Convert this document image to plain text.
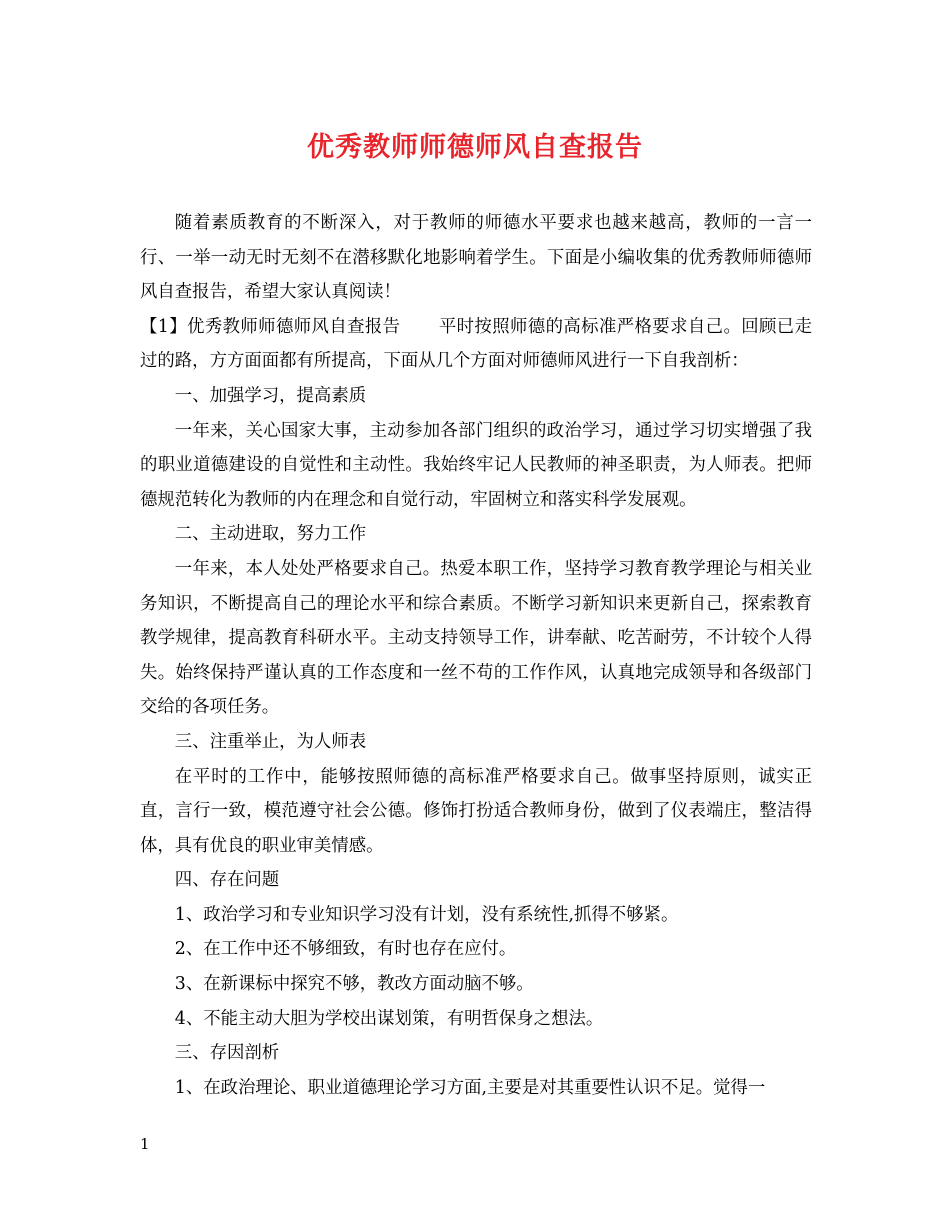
优秀教师师德师风自查报告

随着素质教育的不断深入，对于教师的师德水平要求也越来越高，教师的一言一行、一举一动无时无刻不在潜移默化地影响着学生。下面是小编收集的优秀教师师德师风自查报告，希望大家认真阅读！

【1】优秀教师师德师风自查报告 平时按照师德的高标准严格要求自己。回顾已走过的路，方方面面都有所提高，下面从几个方面对师德师风进行一下自我剖析：

一、加强学习，提高素质

一年来，关心国家大事，主动参加各部门组织的政治学习，通过学习切实增强了我的职业道德建设的自觉性和主动性。我始终牢记人民教师的神圣职责，为人师表。把师德规范转化为教师的内在理念和自觉行动，牢固树立和落实科学发展观。

二、主动进取，努力工作

一年来，本人处处严格要求自己。热爱本职工作，坚持学习教育教学理论与相关业务知识，不断提高自己的理论水平和综合素质。不断学习新知识来更新自己，探索教育教学规律，提高教育科研水平。主动支持领导工作，讲奉献、吃苦耐劳，不计较个人得失。始终保持严谨认真的工作态度和一丝不苟的工作作风，认真地完成领导和各级部门交给的各项任务。

三、注重举止，为人师表

在平时的工作中，能够按照师德的高标准严格要求自己。做事坚持原则，诚实正直，言行一致，模范遵守社会公德。修饰打扮适合教师身份，做到了仪表端庄，整洁得体，具有优良的职业审美情感。

四、存在问题

1、政治学习和专业知识学习没有计划，没有系统性,抓得不够紧。

2、在工作中还不够细致，有时也存在应付。

3、在新课标中探究不够，教改方面动脑不够。

4、不能主动大胆为学校出谋划策，有明哲保身之想法。

三、存因剖析

1、在政治理论、职业道德理论学习方面,主要是对其重要性认识不足。觉得一

1
